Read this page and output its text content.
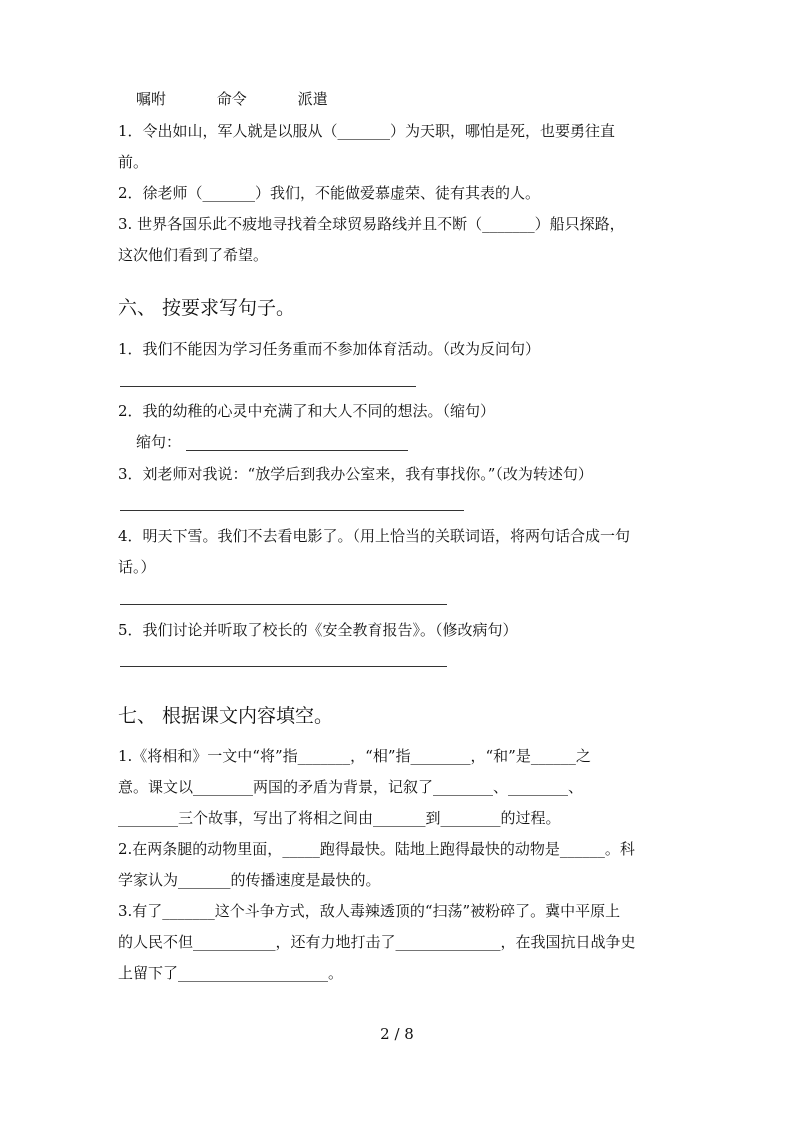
嘱咐	命令	派遣
1．令出如山，军人就是以服从（_______）为天职，哪怕是死，也要勇往直
前。
2．徐老师（_______）我们，不能做爱慕虚荣、徒有其表的人。
3. 世界各国乐此不疲地寻找着全球贸易路线并且不断（_______）船只探路，
这次他们看到了希望。
六、 按要求写句子。
1．我们不能因为学习任务重而不参加体育活动。（改为反问句）
2．我的幼稚的心灵中充满了和大人不同的想法。（缩句）
缩句：
3．刘老师对我说：“放学后到我办公室来，我有事找你。”（改为转述句）
4．明天下雪。我们不去看电影了。（用上恰当的关联词语，将两句话合成一句
话。）
5．我们讨论并听取了校长的《安全教育报告》。（修改病句）
七、 根据课文内容填空。
1.《将相和》一文中“将”指_______，“相”指________，“和”是______之
意。课文以________两国的矛盾为背景，记叙了________、________、
________三个故事，写出了将相之间由_______到________的过程。
2.在两条腿的动物里面，_____跑得最快。陆地上跑得最快的动物是______。科
学家认为_______的传播速度是最快的。
3.有了_______这个斗争方式，敌人毒辣透顶的“扫荡”被粉碎了。冀中平原上
的人民不但___________，还有力地打击了______________，在我国抗日战争史
上留下了____________________。
2 / 8
